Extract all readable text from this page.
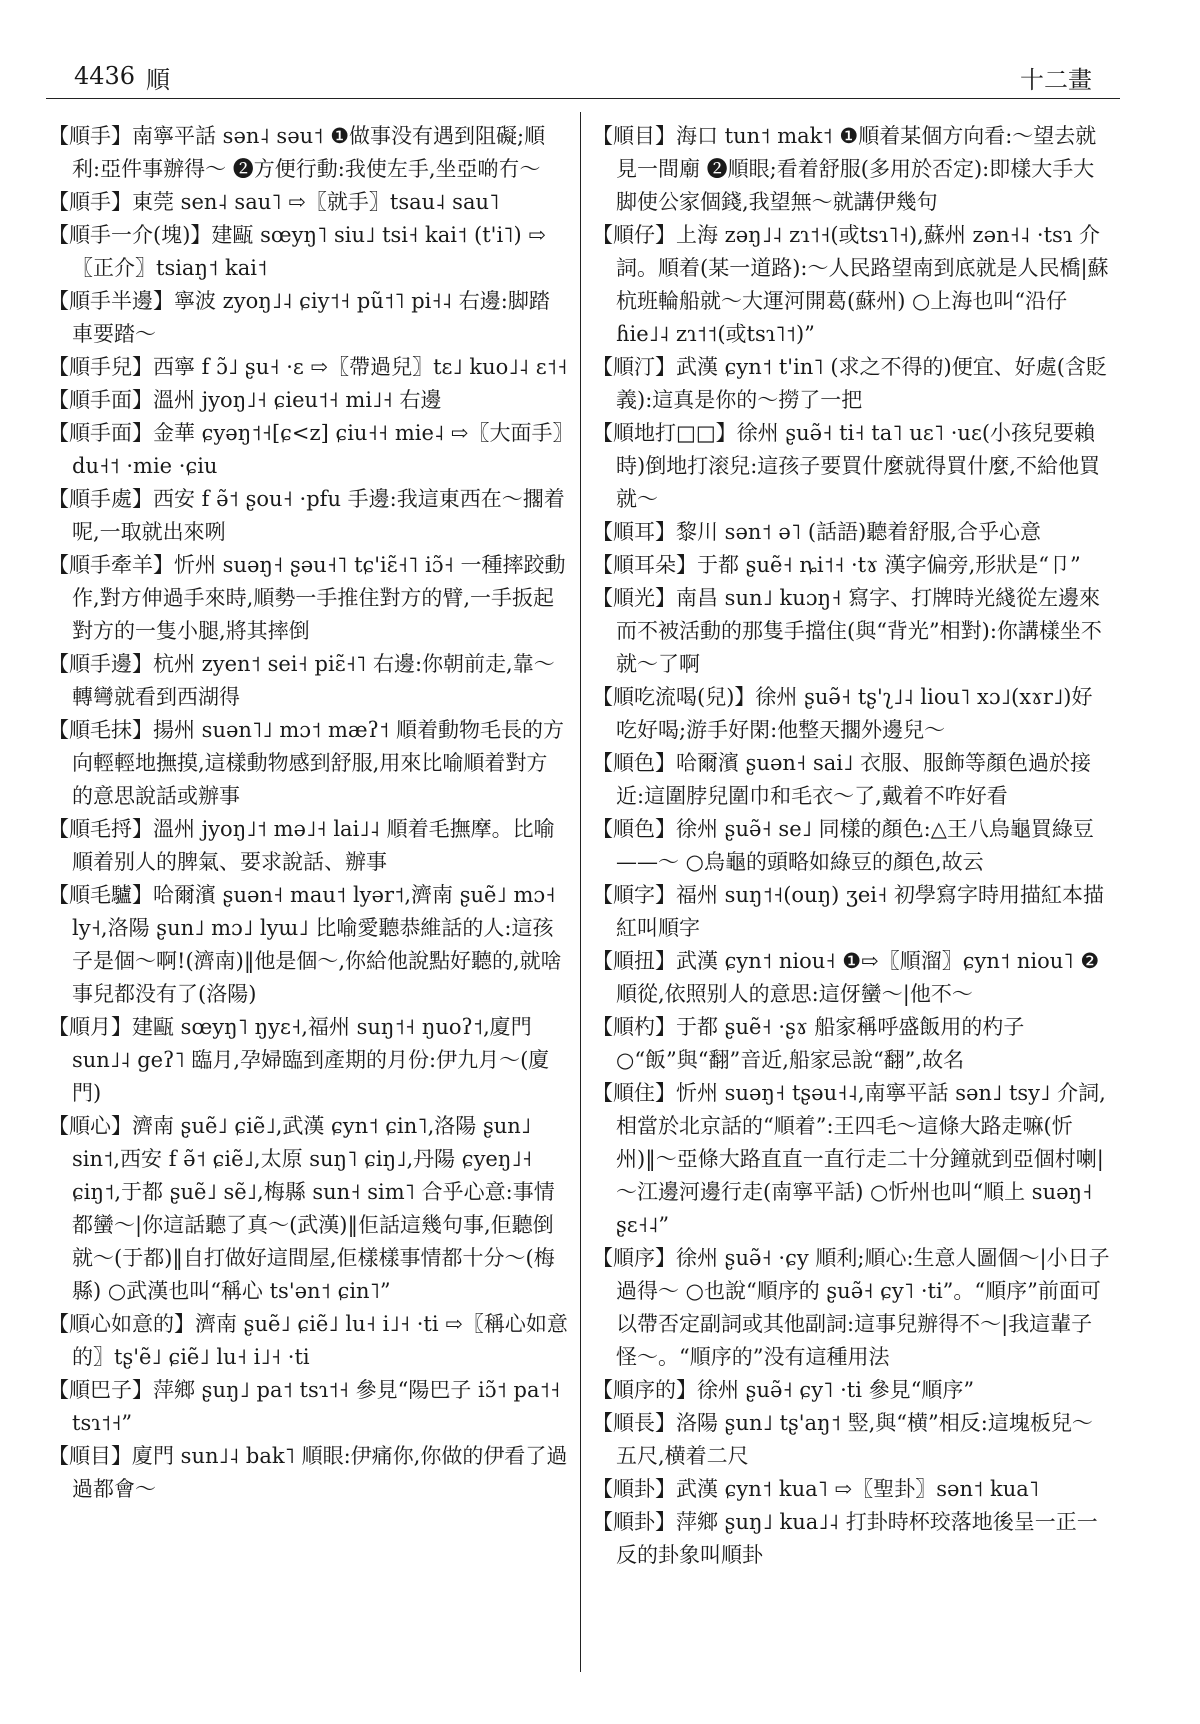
4436 順	十二畫
【順手】南寧平話 sən˨ səu˦ ❶做事没有遇到阻礙;順利:亞件事辦得～ ❷方便行動:我使左手,坐亞啲冇～
【順手】東莞 sen˨ sau˥ ⇨〖就手〗tsau˨ sau˥
【順手一介(塊)】建甌 sœyŋ˥ siu˩ tsi˧ kai˦ (t'i˥) ⇨〖正介〗tsiaŋ˦ kai˦
【順手半邊】寧波 zyoŋ˩˨ ɕiy˦˧ pũ˦˥ pi˧˨ 右邊:脚踏車要踏～
【順手兒】西寧 f ɔ̃˩ ʂu˧ ·ɛ ⇨〖帶過兒〗tɛ˩ kuo˩˨ ɛ˦˧
【順手面】溫州 jyoŋ˩˧ ɕieu˦˧ mi˩˧ 右邊
【順手面】金華 ɕyəŋ˦˧[ɕ<z] ɕiu˧˧ mie˨ ⇨〖大面手〗du˧˦ ·mie ·ɕiu
【順手處】西安 f ə̃˦ ʂou˧ ·pfu 手邊:我這東西在～擱着呢,一取就出來咧
【順手牽羊】忻州 suəŋ˧ ʂəu˧˥ tɕ'iɛ̃˧˥ iɔ̃˧ 一種摔跤動作,對方伸過手來時,順勢一手推住對方的臂,一手扳起對方的一隻小腿,將其摔倒
【順手邊】杭州 zyen˦ sei˧ piɛ̃˧˥ 右邊:你朝前走,靠～轉彎就看到西湖得
【順毛抹】揚州 suən˥˩ mɔ˦ mæʔ˦ 順着動物毛長的方向輕輕地撫摸,這樣動物感到舒服,用來比喻順着對方的意思說話或辦事
【順毛捋】溫州 jyoŋ˩˦ mə˩˧ lai˩˨ 順着毛撫摩。比喻順着别人的脾氣、要求說話、辦事
【順毛驢】哈爾濱 ʂuən˧ mau˦ lyər˦,濟南 ʂuẽ˩ mɔ˧ ly˧,洛陽 ʂun˩ mɔ˩ lyɯ˩ 比喻愛聽恭維話的人:這孩子是個～啊!(濟南)‖他是個～,你給他說點好聽的,就啥事兒都没有了(洛陽)
【順月】建甌 sœyŋ˥ ŋyɛ˧,福州 suŋ˦˧ ŋuoʔ˦,廈門 sun˩˨ geʔ˥ 臨月,孕婦臨到產期的月份:伊九月～(廈門)
【順心】濟南 ʂuẽ˩ ɕiẽ˩,武漢 ɕyn˦ ɕin˥,洛陽 ʂun˩ sin˦,西安 f ə̃˦ ɕiẽ˩,太原 suŋ˥ ɕiŋ˩,丹陽 ɕyeŋ˩˧ ɕiŋ˦,于都 ʂuẽ˩ sẽ˩,梅縣 sun˧ sim˥ 合乎心意:事情都蠻～|你這話聽了真～(武漢)‖佢話這幾句事,佢聽倒就～(于都)‖自打做好這間屋,佢樣樣事情都十分～(梅縣) ○武漢也叫“稱心 ts'ən˦ ɕin˥”
【順心如意的】濟南 ʂuẽ˩ ɕiẽ˩ lu˧ i˩˧ ·ti ⇨〖稱心如意的〗tʂ'ẽ˩ ɕiẽ˩ lu˧ i˩˧ ·ti
【順巴子】萍鄉 ʂuŋ˩ pa˦ tsɿ˦˧ 參見“陽巴子 iɔ̃˦ pa˦˧ tsɿ˦˧”
【順目】廈門 sun˩˨ bak˥ 順眼:伊痛你,你做的伊看了過過都會～
【順目】海口 tun˦ mak˦ ❶順着某個方向看:～望去就見一間廟 ❷順眼;看着舒服(多用於否定):即樣大手大脚使公家個錢,我望無～就講伊幾句
【順仔】上海 zəŋ˩˨ zɿ˦˧(或tsɿ˥˧),蘇州 zən˧˨ ·tsɿ 介詞。順着(某一道路):～人民路望南到底就是人民橋|蘇杭班輪船就～大運河開葛(蘇州) ○上海也叫“沿仔 ɦie˩˨ zɿ˦˦(或tsɿ˥˦)”
【順汀】武漢 ɕyn˦ t'in˥ (求之不得的)便宜、好處(含貶義):這真是你的～撈了一把
【順地打□□】徐州 ʂuə̃˧ ti˧ ta˥ uɛ˥ ·uɛ(小孩兒要賴時)倒地打滚兒:這孩子要買什麼就得買什麼,不給他買就～
【順耳】黎川 sən˦ ə˥ (話語)聽着舒服,合乎心意
【順耳朵】于都 ʂuẽ˧ ȵi˦˧ ·tɤ 漢字偏旁,形狀是“卩”
【順光】南昌 sun˩ kuɔŋ˧ 寫字、打牌時光綫從左邊來而不被活動的那隻手擋住(與“背光”相對):你講樣坐不就～了啊
【順吃流喝(兒)】徐州 ʂuə̃˧ tʂ'ʅ˩˨ liou˥ xɔ˩(xɤr˩)好吃好喝;游手好閑:他整天擱外邊兒～
【順色】哈爾濱 ʂuən˧ sai˩ 衣服、服飾等顏色過於接近:這圍脖兒圍巾和毛衣～了,戴着不咋好看
【順色】徐州 ʂuə̃˧ se˩ 同樣的顏色:△王八烏龜買綠豆——～ ○烏龜的頭略如綠豆的顏色,故云
【順字】福州 suŋ˦˧(ouŋ) ʒei˧ 初學寫字時用描紅本描紅叫順字
【順扭】武漢 ɕyn˦ niou˧ ❶⇨〖順溜〗ɕyn˦ niou˥ ❷順從,依照别人的意思:這伢蠻～|他不～
【順杓】于都 ʂuẽ˧ ·ʂɤ 船家稱呼盛飯用的杓子 ○“飯”與“翻”音近,船家忌說“翻”,故名
【順住】忻州 suəŋ˧ tʂəu˧˨,南寧平話 sən˩ tsy˩ 介詞,相當於北京話的“順着”:王四毛～這條大路走嘛(忻州)‖～亞條大路直直一直行走二十分鐘就到亞個村喇|～江邊河邊行走(南寧平話) ○忻州也叫“順上 suəŋ˧ ʂɛ˧˨”
【順序】徐州 ʂuə̃˧ ·ɕy 順利;順心:生意人圖個～|小日子過得～ ○也說“順序的 ʂuə̃˧ ɕy˥ ·ti”。“順序”前面可以帶否定副詞或其他副詞:這事兒辦得不～|我這輩子怪～。“順序的”没有這種用法
【順序的】徐州 ʂuə̃˧ ɕy˥ ·ti 參見“順序”
【順長】洛陽 ʂun˩ tʂ'aŋ˦ 竪,與“横”相反:這塊板兒～五尺,横着二尺
【順卦】武漢 ɕyn˦ kua˥ ⇨〖聖卦〗sən˦ kua˥
【順卦】萍鄉 ʂuŋ˩ kua˩˨ 打卦時杯珓落地後呈一正一反的卦象叫順卦
